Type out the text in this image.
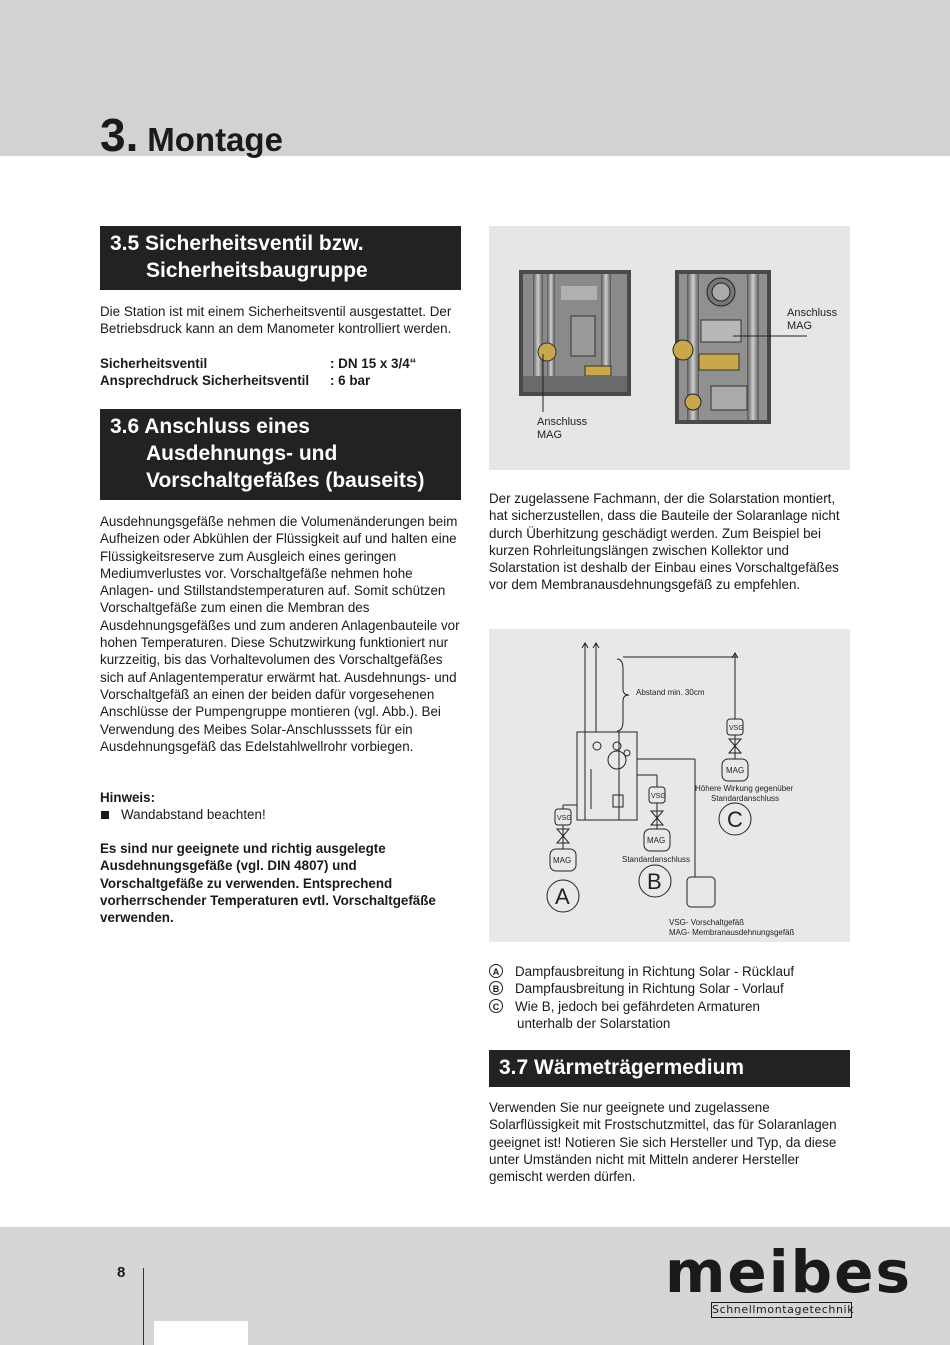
3. Montage
3.5 Sicherheitsventil bzw.
Sicherheitsbaugruppe

Die Station ist mit einem Sicherheitsventil ausgestattet. Der Betriebsdruck kann an dem Manometer kontrolliert werden.

Sicherheitsventil	: DN 15 x 3/4“
Ansprechdruck Sicherheitsventil	: 6 bar
3.6 Anschluss eines
Ausdehnungs- und
Vorschaltgefäßes (bauseits)

Ausdehnungsgefäße nehmen die Volumenänderungen beim Aufheizen oder Abkühlen der Flüssigkeit auf und halten eine Flüssigkeitsreserve zum Ausgleich eines geringen Mediumverlustes vor. Vorschaltgefäße nehmen hohe Anlagen- und Stillstandstemperaturen auf. Somit schützen Vorschaltgefäße zum einen die Membran des Ausdehnungsgefäßes und zum anderen Anlagenbauteile vor hohen Temperaturen. Diese Schutzwirkung funktioniert nur kurzzeitig, bis das Vorhaltevolumen des Vorschaltgefäßes sich auf Anlagentemperatur erwärmt hat. Ausdehnungs- und Vorschaltgefäß an einen der beiden dafür vorgesehenen Anschlüsse der Pumpengruppe montieren (vgl. Abb.). Bei Verwendung des Meibes Solar-Anschlusssets für ein Ausdehnungsgefäß das Edelstahlwellrohr vorbiegen.

Hinweis:

Wandabstand beachten!

Es sind nur geeignete und richtig ausgelegte Ausdehnungsgefäße (vgl. DIN 4807) und Vorschaltgefäße zu verwenden. Entsprechend vorherrschender Temperaturen evtl. Vorschaltgefäße verwenden.

Anschluss
MAG
Anschluss
MAG

Der zugelassene Fachmann, der die Solarstation montiert, hat sicherzustellen, dass die Bauteile der Solaranlage nicht durch Überhitzung geschädigt werden. Zum Beispiel bei kurzen Rohrleitungslängen zwischen Kollektor und Solarstation ist deshalb der Einbau eines Vorschaltgefäßes vor dem Membranausdehnungsgefäß zu empfehlen.

Abstand min. 30cm
VSG
MAG
VSG
MAG
VSG
MAG
Höhere Wirkung gegenüber
Standardanschluss
Standardanschluss
C
B
A
VSG- Vorschaltgefäß
MAG- Membranausdehnungsgefäß
A Dampfausbreitung in Richtung Solar - Rücklauf
B Dampfausbreitung in Richtung Solar - Vorlauf
C Wie B, jedoch bei gefährdeten Armaturen
unterhalb der Solarstation
3.7 Wärmeträgermedium

Verwenden Sie nur geeignete und zugelassene Solarflüssigkeit mit Frostschutzmittel, das für Solaranlagen geeignet ist! Notieren Sie sich Hersteller und Typ, da diese unter Umständen nicht mit Mitteln anderer Hersteller gemischt werden dürfen.

8	meibes
Schnellmontagetechnik
